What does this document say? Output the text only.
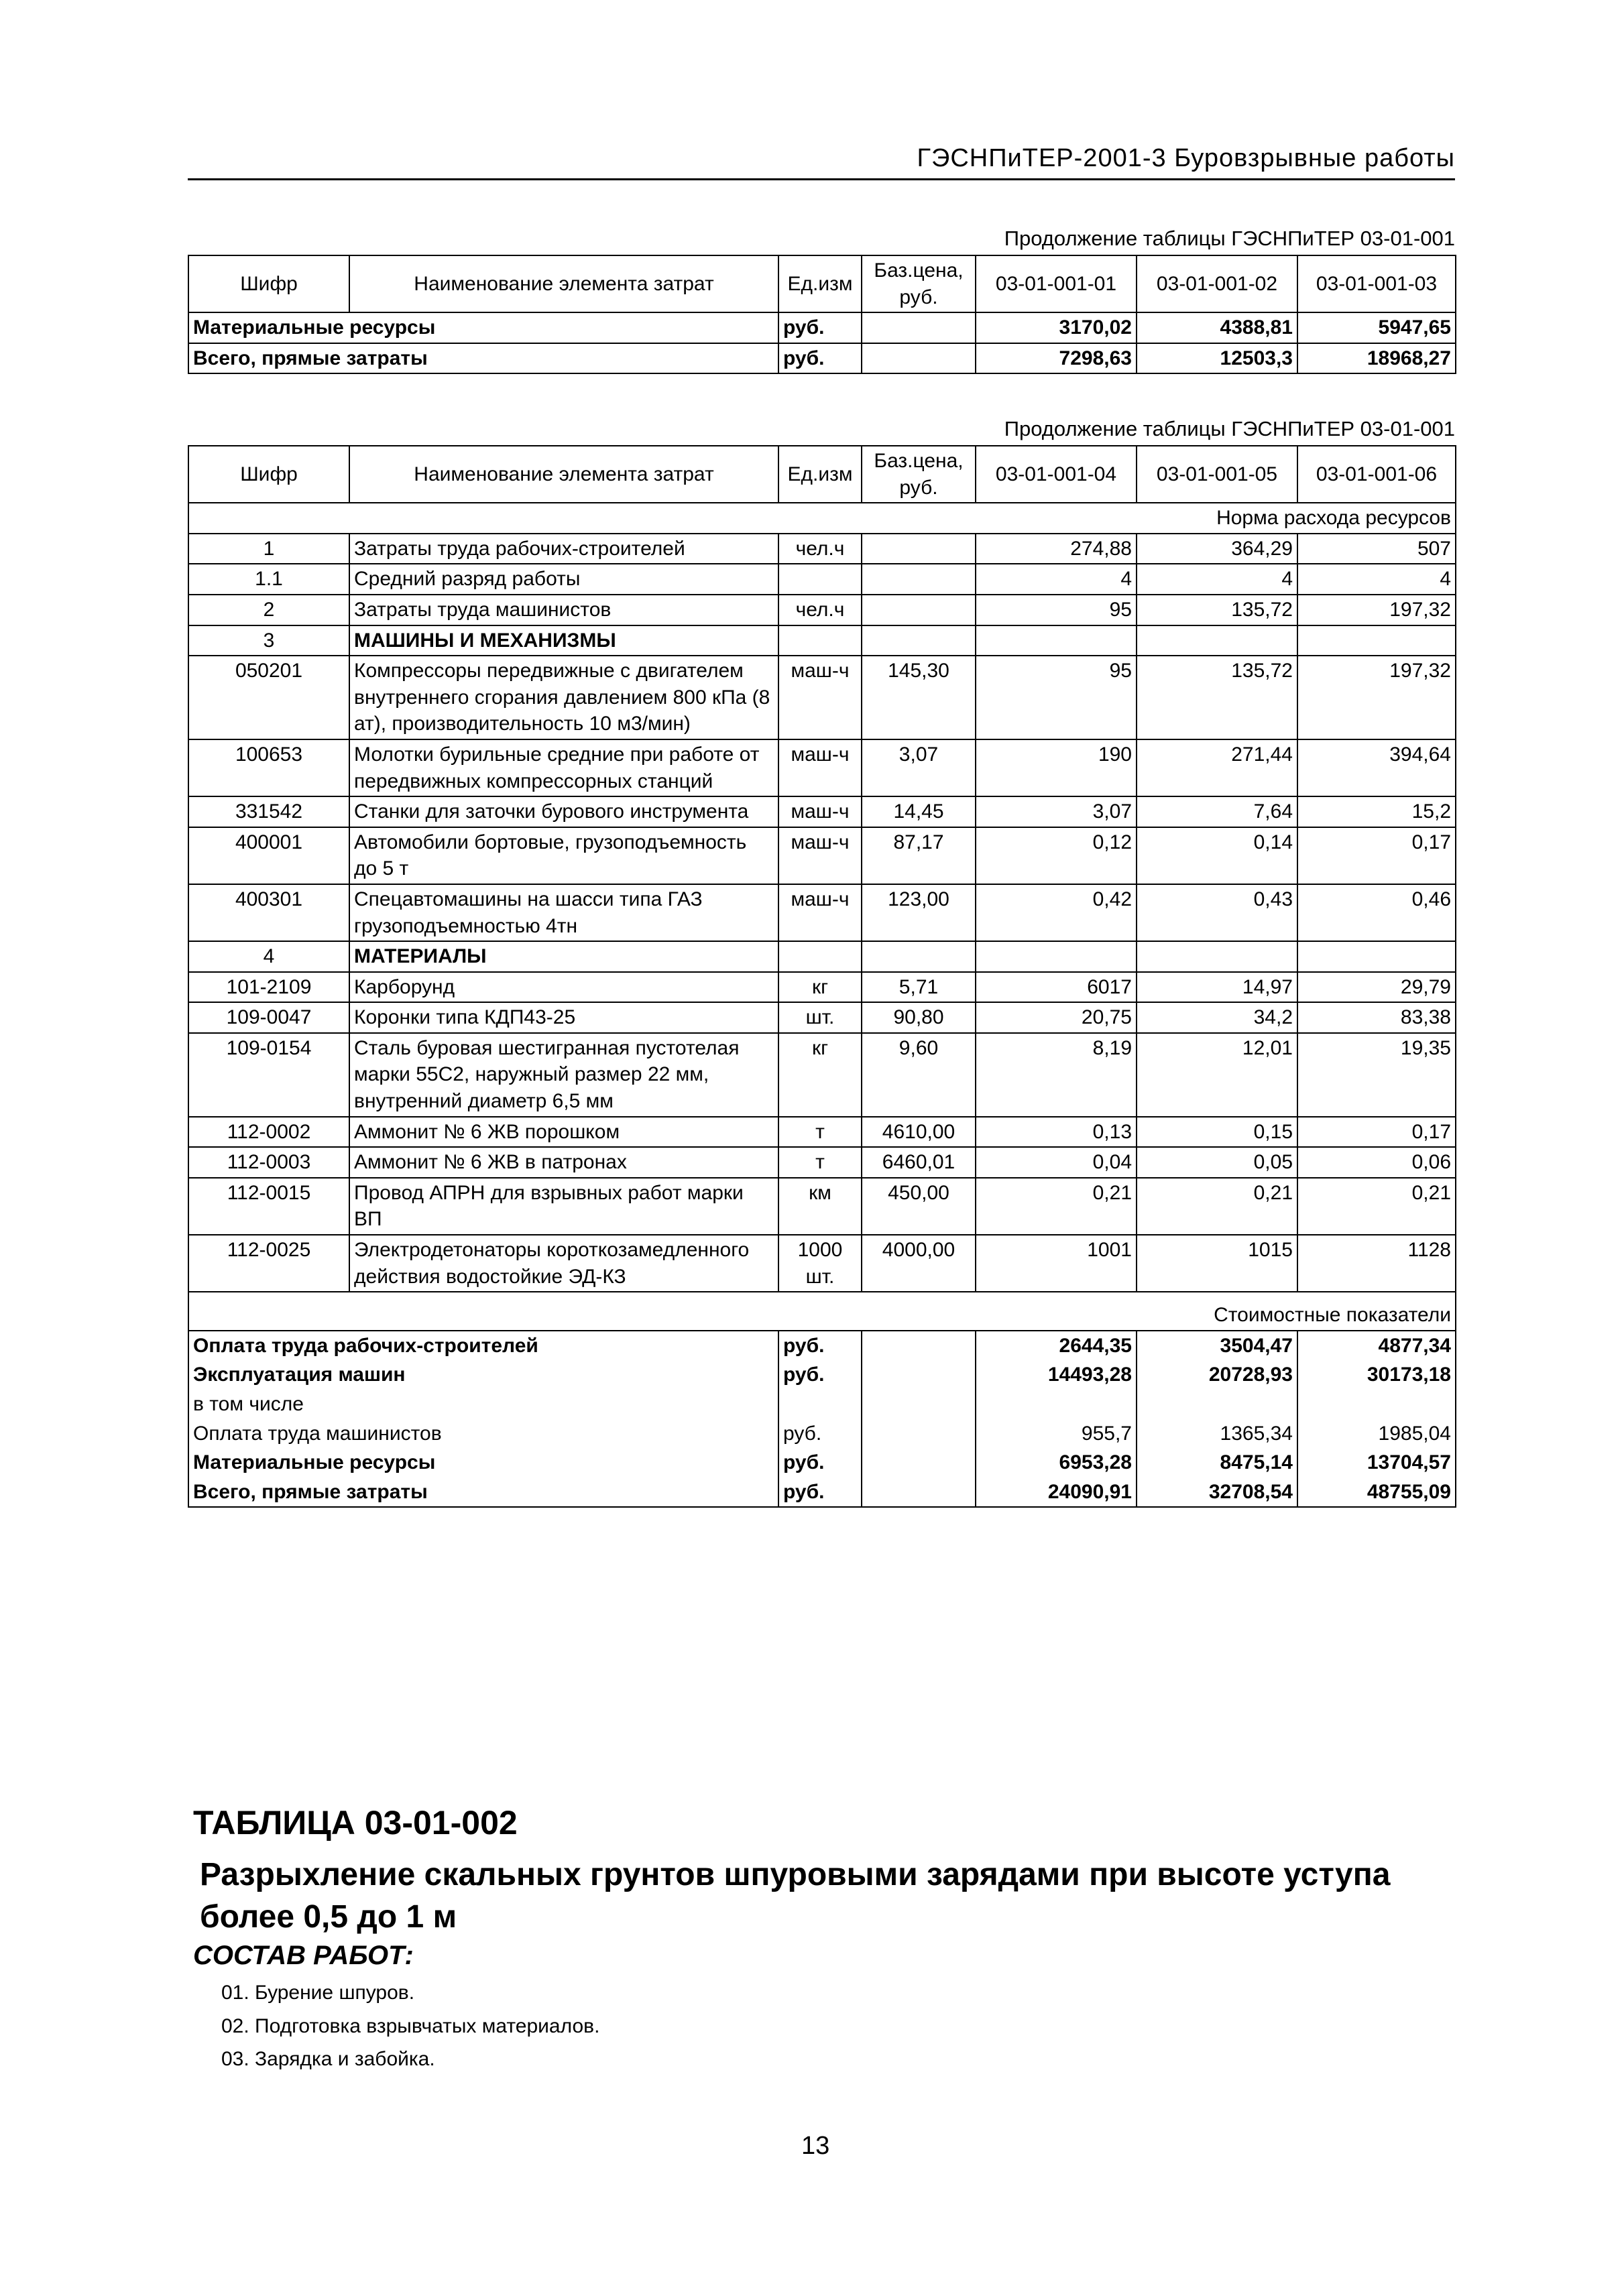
ГЭСНПиТЕР-2001-3 Буровзрывные работы
Продолжение таблицы ГЭСНПиТЕР 03-01-001
Шифр	Наименование элемента затрат	Ед.изм	Баз.цена, руб.	03-01-001-01	03-01-001-02	03-01-001-03
Материальные ресурсы		руб.		3170,02	4388,81	5947,65
Всего, прямые затраты		руб.		7298,63	12503,3	18968,27
Продолжение таблицы ГЭСНПиТЕР 03-01-001
Шифр	Наименование элемента затрат	Ед.изм	Баз.цена, руб.	03-01-001-04	03-01-001-05	03-01-001-06
Норма расхода ресурсов						
1	Затраты труда рабочих-строителей	чел.ч		274,88	364,29	507
1.1	Средний разряд работы			4	4	4
2	Затраты труда машинистов	чел.ч		95	135,72	197,32
3	МАШИНЫ И МЕХАНИЗМЫ					
050201	Компрессоры передвижные с двигателем внутреннего сгорания давлением 800 кПа (8 ат), производительность 10 м3/мин)	маш-ч	145,30	95	135,72	197,32
100653	Молотки бурильные средние при работе от передвижных компрессорных станций	маш-ч	3,07	190	271,44	394,64
331542	Станки для заточки бурового инструмента	маш-ч	14,45	3,07	7,64	15,2
400001	Автомобили бортовые, грузоподъемность до 5 т	маш-ч	87,17	0,12	0,14	0,17
400301	Спецавтомашины на шасси типа ГАЗ грузоподъемностью 4тн	маш-ч	123,00	0,42	0,43	0,46
4	МАТЕРИАЛЫ					
101-2109	Карборунд	кг	5,71	6017	14,97	29,79
109-0047	Коронки типа КДП43-25	шт.	90,80	20,75	34,2	83,38
109-0154	Сталь буровая шестигранная пустотелая марки 55С2, наружный размер 22 мм, внутренний диаметр 6,5 мм	кг	9,60	8,19	12,01	19,35
112-0002	Аммонит № 6 ЖВ порошком	т	4610,00	0,13	0,15	0,17
112-0003	Аммонит № 6 ЖВ в патронах	т	6460,01	0,04	0,05	0,06
112-0015	Провод АПРН для взрывных работ марки ВП	км	450,00	0,21	0,21	0,21
112-0025	Электродетонаторы короткозамедленного действия водостойкие ЭД-КЗ	1000 шт.	4000,00	1001	1015	1128
Стоимостные показатели						
Оплата труда рабочих-строителей		руб.		2644,35	3504,47	4877,34
Эксплуатация машин		руб.		14493,28	20728,93	30173,18
в том числе						
Оплата труда машинистов		руб.		955,7	1365,34	1985,04
Материальные ресурсы		руб.		6953,28	8475,14	13704,57
Всего, прямые затраты		руб.		24090,91	32708,54	48755,09
ТАБЛИЦА 03-01-002
Разрыхление скальных грунтов шпуровыми зарядами при высоте уступа более 0,5 до 1 м
СОСТАВ РАБОТ:
01. Бурение шпуров.
02. Подготовка взрывчатых материалов.
03. Зарядка и забойка.
13
